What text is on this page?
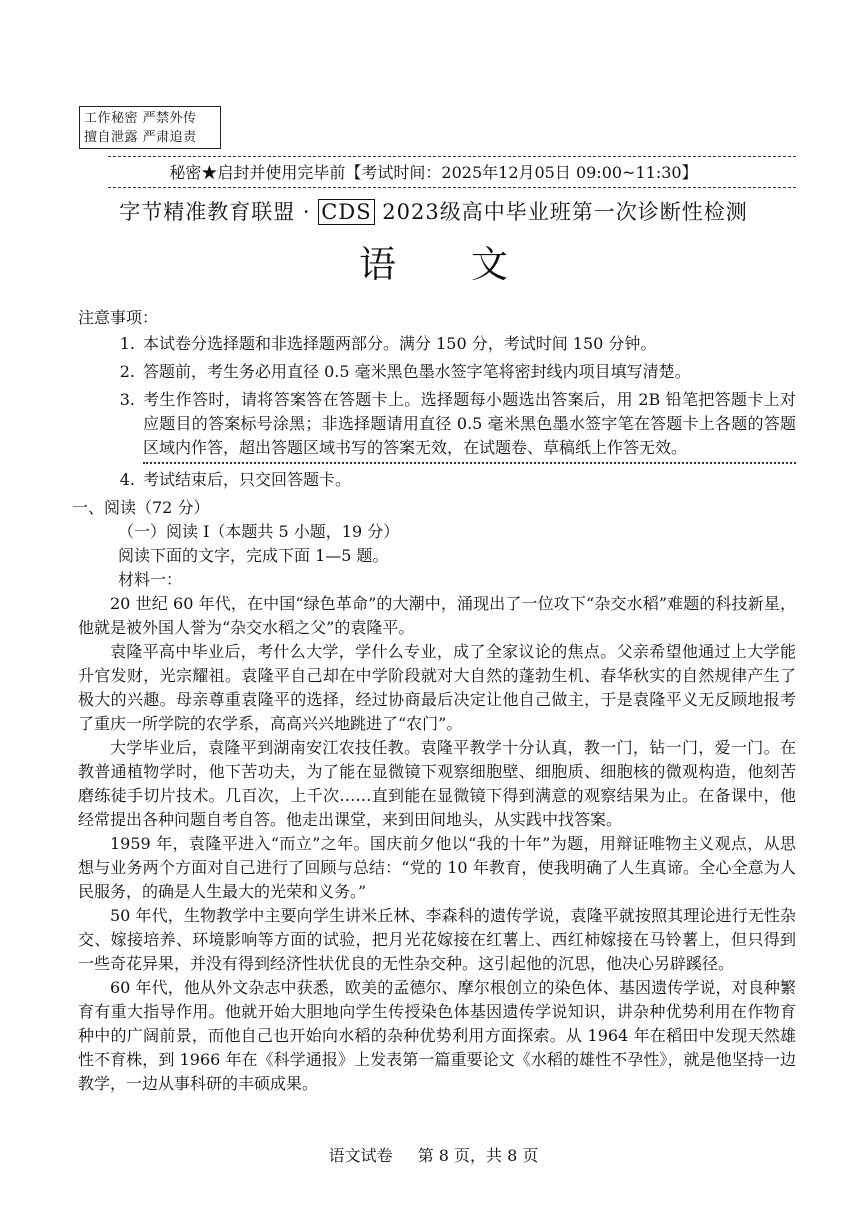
工作秘密 严禁外传
擅自泄露 严肃追责
秘密★启封并使用完毕前【考试时间：2025年12月05日 09:00~11:30】
字节精准教育联盟 · CDS 2023级高中毕业班第一次诊断性检测
语文
注意事项：
1. 本试卷分选择题和非选择题两部分。满分 150 分，考试时间 150 分钟。
2. 答题前，考生务必用直径 0.5 毫米黑色墨水签字笔将密封线内项目填写清楚。
3. 考生作答时，请将答案答在答题卡上。选择题每小题选出答案后，用 2B 铅笔把答题卡上对应题目的答案标号涂黑；非选择题请用直径 0.5 毫米黑色墨水签字笔在答题卡上各题的答题区域内作答，超出答题区域书写的答案无效，在试题卷、草稿纸上作答无效。
4. 考试结束后，只交回答题卡。
一、阅读（72 分）
（一）阅读 I（本题共 5 小题，19 分）
阅读下面的文字，完成下面 1—5 题。
材料一：

20 世纪 60 年代，在中国“绿色革命”的大潮中，涌现出了一位攻下“杂交水稻”难题的科技新星，他就是被外国人誉为“杂交水稻之父”的袁隆平。

袁隆平高中毕业后，考什么大学，学什么专业，成了全家议论的焦点。父亲希望他通过上大学能升官发财，光宗耀祖。袁隆平自己却在中学阶段就对大自然的蓬勃生机、春华秋实的自然规律产生了极大的兴趣。母亲尊重袁隆平的选择，经过协商最后决定让他自己做主，于是袁隆平义无反顾地报考了重庆一所学院的农学系，高高兴兴地跳进了“农门”。

大学毕业后，袁隆平到湖南安江农技任教。袁隆平教学十分认真，教一门，钻一门，爱一门。在教普通植物学时，他下苦功夫，为了能在显微镜下观察细胞壁、细胞质、细胞核的微观构造，他刻苦磨练徒手切片技术。几百次，上千次……直到能在显微镜下得到满意的观察结果为止。在备课中，他经常提出各种问题自考自答。他走出课堂，来到田间地头，从实践中找答案。

1959 年，袁隆平进入“而立”之年。国庆前夕他以“我的十年”为题，用辩证唯物主义观点，从思想与业务两个方面对自己进行了回顾与总结：“党的 10 年教育，使我明确了人生真谛。全心全意为人民服务，的确是人生最大的光荣和义务。”

50 年代，生物教学中主要向学生讲米丘林、李森科的遗传学说，袁隆平就按照其理论进行无性杂交、嫁接培养、环境影响等方面的试验，把月光花嫁接在红薯上、西红柿嫁接在马铃薯上，但只得到一些奇花异果，并没有得到经济性状优良的无性杂交种。这引起他的沉思，他决心另辟蹊径。

60 年代，他从外文杂志中获悉，欧美的孟德尔、摩尔根创立的染色体、基因遗传学说，对良种繁育有重大指导作用。他就开始大胆地向学生传授染色体基因遗传学说知识，讲杂种优势利用在作物育种中的广阔前景，而他自己也开始向水稻的杂种优势利用方面探索。从 1964 年在稻田中发现天然雄性不育株，到 1966 年在《科学通报》上发表第一篇重要论文《水稻的雄性不孕性》，就是他坚持一边教学，一边从事科研的丰硕成果。

语文试卷 第 8 页，共 8 页
